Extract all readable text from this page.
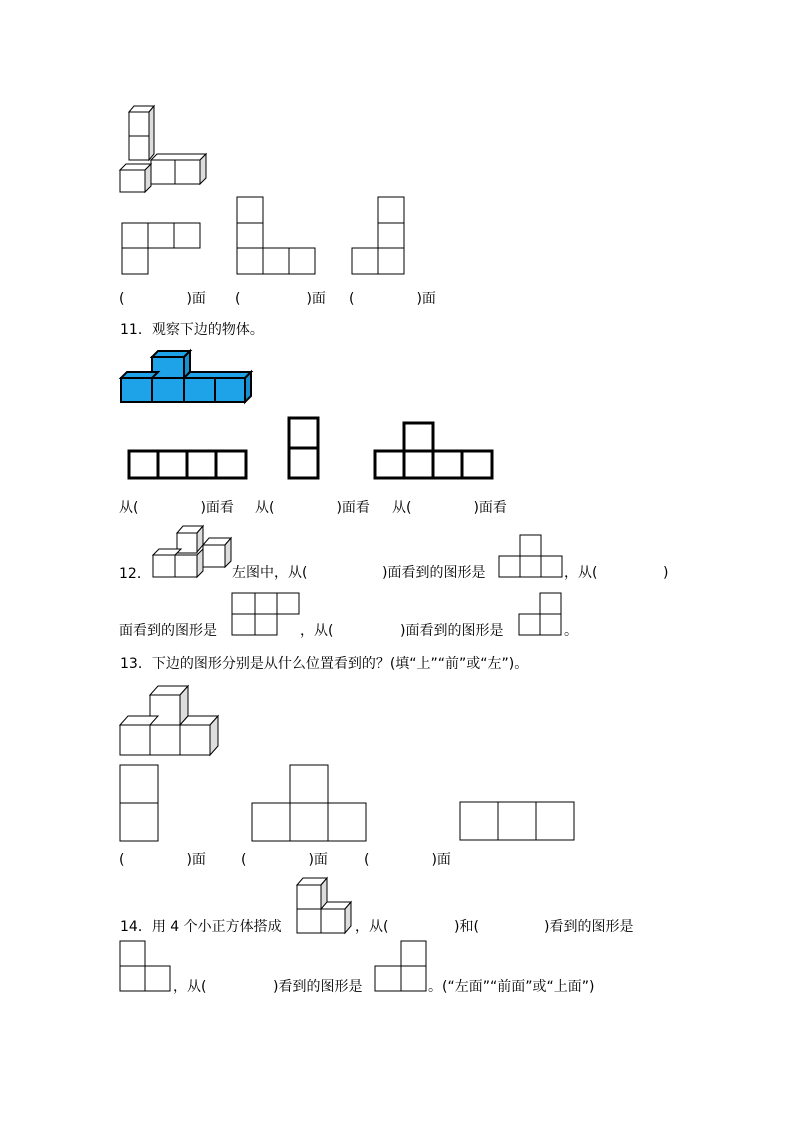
(	)面 (	)面 (	)面
11．观察下边的物体。
从(	)面看 从(	)面看 从(	)面看
12．	左图中，从(	)面看到的图形是	，从(	)
面看到的图形是	，从(	)面看到的图形是	。
13．下边的图形分别是从什么位置看到的？(填“上”“前”或“左”)。
(	)面	(	)面	(	)面
14．用 4 个小正方体搭成	，从(	)和(	)看到的图形是
，从(	)看到的图形是	。(“左面”“前面”或“上面”)
